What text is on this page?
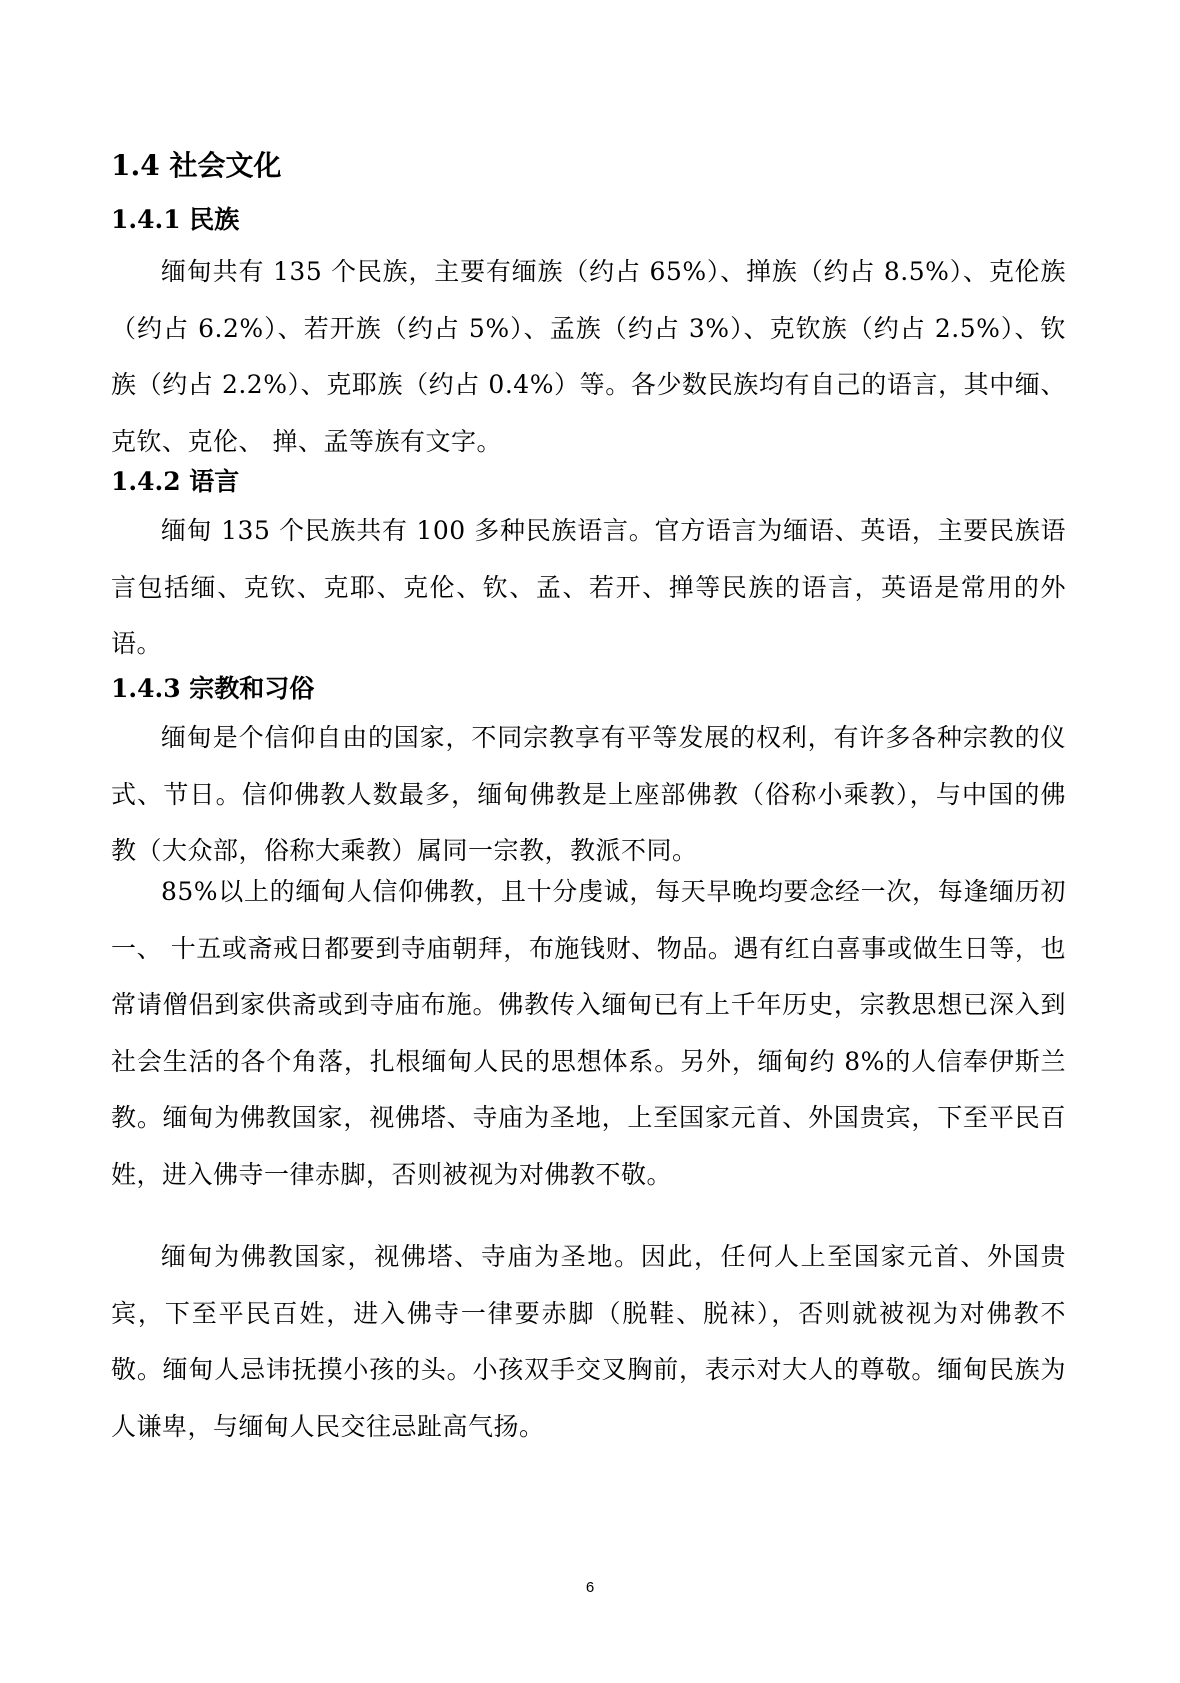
1.4 社会文化
1.4.1 民族
缅甸共有 135 个民族，主要有缅族（约占 65%）、掸族（约占 8.5%）、克伦族（约占 6.2%）、若开族（约占 5%）、孟族（约占 3%）、克钦族（约占 2.5%）、钦族（约占 2.2%）、克耶族（约占 0.4%）等。各少数民族均有自己的语言，其中缅、克钦、克伦、 掸、孟等族有文字。
1.4.2 语言
缅甸 135 个民族共有 100 多种民族语言。官方语言为缅语、英语，主要民族语言包括缅、克钦、克耶、克伦、钦、孟、若开、掸等民族的语言，英语是常用的外语。
1.4.3 宗教和习俗
缅甸是个信仰自由的国家，不同宗教享有平等发展的权利，有许多各种宗教的仪式、节日。信仰佛教人数最多，缅甸佛教是上座部佛教（俗称小乘教），与中国的佛教（大众部，俗称大乘教）属同一宗教，教派不同。
85%以上的缅甸人信仰佛教，且十分虔诚，每天早晚均要念经一次，每逢缅历初一、 十五或斋戒日都要到寺庙朝拜，布施钱财、物品。遇有红白喜事或做生日等，也常请僧侣到家供斋或到寺庙布施。佛教传入缅甸已有上千年历史，宗教思想已深入到社会生活的各个角落，扎根缅甸人民的思想体系。另外，缅甸约 8%的人信奉伊斯兰教。缅甸为佛教国家，视佛塔、寺庙为圣地，上至国家元首、外国贵宾，下至平民百姓，进入佛寺一律赤脚，否则被视为对佛教不敬。
缅甸为佛教国家，视佛塔、寺庙为圣地。因此，任何人上至国家元首、外国贵宾，下至平民百姓，进入佛寺一律要赤脚（脱鞋、脱袜），否则就被视为对佛教不敬。缅甸人忌讳抚摸小孩的头。小孩双手交叉胸前，表示对大人的尊敬。缅甸民族为人谦卑，与缅甸人民交往忌趾高气扬。
6
